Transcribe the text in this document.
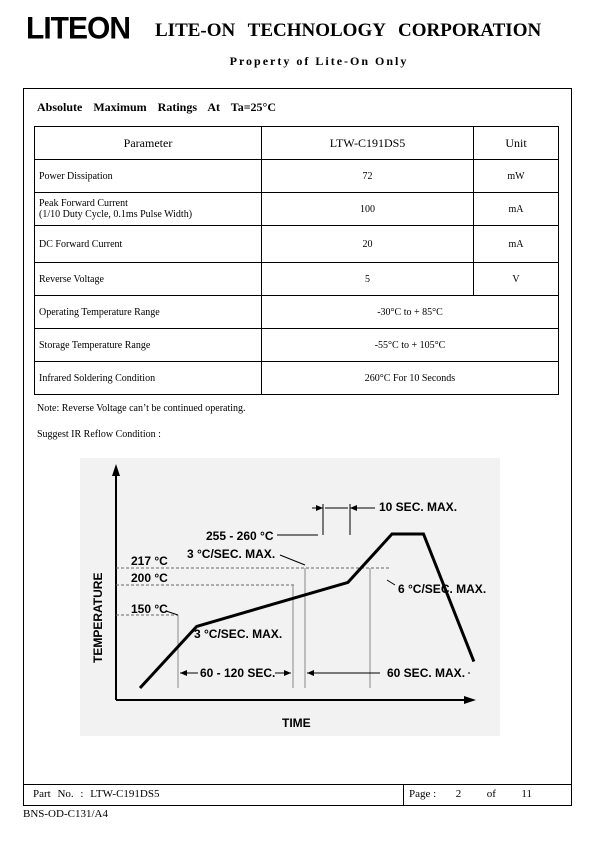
LITEON LITE-ON TECHNOLOGY CORPORATION
Property of Lite-On Only
Absolute Maximum Ratings At Ta=25°C
Parameter	LTW-C191DS5	Unit
Power Dissipation	72	mW
Peak Forward Current
(1/10 Duty Cycle, 0.1ms Pulse Width)	100	mA
DC Forward Current	20	mA
Reverse Voltage	5	V
Operating Temperature Range	-30°C to + 85°C	
Storage Temperature Range	-55°C to + 105°C	
Infrared Soldering Condition	260°C For 10 Seconds	
Note: Reverse Voltage can’t be continued operating.
Suggest IR Reflow Condition :
TEMPERATURE
TIME
255 - 260 °C
217 °C
200 °C
150 °C
10 SEC. MAX.
3 °C/SEC. MAX.
6 °C/SEC. MAX.
3 °C/SEC. MAX.
60 - 120 SEC.	60 SEC. MAX.
Part No. : LTW-C191DS5	Page : 2 of 11
BNS-OD-C131/A4
